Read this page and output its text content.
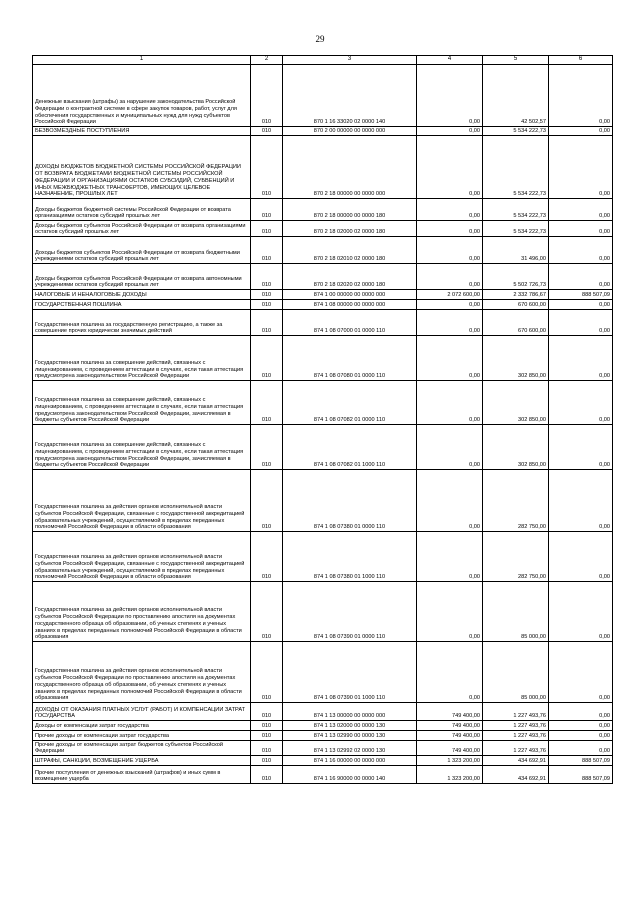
29
1	2	3	4	5	6
Денежные взыскания (штрафы) за нарушение законодательства Российской Федерации о контрактной системе в сфере закупок товаров, работ, услуг для обеспечения государственных и муниципальных нужд для нужд субъектов Российской Федерации	010	870 1 16 33020 02 0000 140	0,00	42 502,57	0,00
БЕЗВОЗМЕЗДНЫЕ ПОСТУПЛЕНИЯ	010	870 2 00 00000 00 0000 000	0,00	5 534 222,73	0,00
ДОХОДЫ БЮДЖЕТОВ БЮДЖЕТНОЙ СИСТЕМЫ РОССИЙСКОЙ ФЕДЕРАЦИИ ОТ ВОЗВРАТА БЮДЖЕТАМИ БЮДЖЕТНОЙ СИСТЕМЫ РОССИЙСКОЙ ФЕДЕРАЦИИ И ОРГАНИЗАЦИЯМИ ОСТАТКОВ СУБСИДИЙ, СУБВЕНЦИЙ И ИНЫХ МЕЖБЮДЖЕТНЫХ ТРАНСФЕРТОВ, ИМЕЮЩИХ ЦЕЛЕВОЕ НАЗНАЧЕНИЕ, ПРОШЛЫХ ЛЕТ	010	870 2 18 00000 00 0000 000	0,00	5 534 222,73	0,00
Доходы бюджетов бюджетной системы Российской Федерации от возврата организациями остатков субсидий прошлых лет	010	870 2 18 00000 00 0000 180	0,00	5 534 222,73	0,00
Доходы бюджетов субъектов Российской Федерации от возврата организациями остатков субсидий прошлых лет	010	870 2 18 02000 02 0000 180	0,00	5 534 222,73	0,00
Доходы бюджетов субъектов Российской Федерации от возврата бюджетными учреждениями остатков субсидий прошлых лет	010	870 2 18 02010 02 0000 180	0,00	31 496,00	0,00
Доходы бюджетов субъектов Российской Федерации от возврата автономными учреждениями остатков субсидий прошлых лет	010	870 2 18 02020 02 0000 180	0,00	5 502 726,73	0,00
НАЛОГОВЫЕ И НЕНАЛОГОВЫЕ ДОХОДЫ	010	874 1 00 00000 00 0000 000	2 072 600,00	2 332 786,67	888 507,09
ГОСУДАРСТВЕННАЯ ПОШЛИНА	010	874 1 08 00000 00 0000 000	0,00	670 600,00	0,00
Государственная пошлина за государственную регистрацию, а также за совершение прочих юридически значимых действий	010	874 1 08 07000 01 0000 110	0,00	670 600,00	0,00
Государственная пошлина за совершение действий, связанных с лицензированием, с проведением аттестации в случаях, если такая аттестация предусмотрена законодательством Российской Федерации	010	874 1 08 07080 01 0000 110	0,00	302 850,00	0,00
Государственная пошлина за совершение действий, связанных с лицензированием, с проведением аттестации в случаях, если такая аттестация предусмотрена законодательством Российской Федерации, зачисляемая в бюджеты субъектов Российской Федерации	010	874 1 08 07082 01 0000 110	0,00	302 850,00	0,00
Государственная пошлина за совершение действий, связанных с лицензированием, с проведением аттестации в случаях, если такая аттестация предусмотрена законодательством Российской Федерации, зачисляемая в бюджеты субъектов Российской Федерации	010	874 1 08 07082 01 1000 110	0,00	302 850,00	0,00
Государственная пошлина за действия органов исполнительной власти субъектов Российской Федерации, связанные с государственной аккредитацией образовательных учреждений, осуществляемой в пределах переданных полномочий Российской Федерации в области образования	010	874 1 08 07380 01 0000 110	0,00	282 750,00	0,00
Государственная пошлина за действия органов исполнительной власти субъектов Российской Федерации, связанные с государственной аккредитацией образовательных учреждений, осуществляемой в пределах переданных полномочий Российской Федерации в области образования	010	874 1 08 07380 01 1000 110	0,00	282 750,00	0,00
Государственная пошлина за действия органов исполнительной власти субъектов Российской Федерации по проставлению апостиля на документах государственного образца об образовании, об ученых степенях и ученых званиях в пределах переданных полномочий Российской Федерации в области образования	010	874 1 08 07390 01 0000 110	0,00	85 000,00	0,00
Государственная пошлина за действия органов исполнительной власти субъектов Российской Федерации по проставлению апостиля на документах государственного образца об образовании, об ученых степенях и ученых званиях в пределах переданных полномочий Российской Федерации в области образования	010	874 1 08 07390 01 1000 110	0,00	85 000,00	0,00
ДОХОДЫ ОТ ОКАЗАНИЯ ПЛАТНЫХ УСЛУГ (РАБОТ) И КОМПЕНСАЦИИ ЗАТРАТ ГОСУДАРСТВА	010	874 1 13 00000 00 0000 000	749 400,00	1 227 493,76	0,00
Доходы от компенсации затрат государства	010	874 1 13 02000 00 0000 130	749 400,00	1 227 493,76	0,00
Прочие доходы от компенсации затрат государства	010	874 1 13 02990 00 0000 130	749 400,00	1 227 493,76	0,00
Прочие доходы от компенсации затрат бюджетов субъектов Российской Федерации	010	874 1 13 02992 02 0000 130	749 400,00	1 227 493,76	0,00
ШТРАФЫ, САНКЦИИ, ВОЗМЕЩЕНИЕ УЩЕРБА	010	874 1 16 00000 00 0000 000	1 323 200,00	434 692,91	888 507,09
Прочие поступления от денежных взысканий (штрафов) и иных сумм в возмещение ущерба	010	874 1 16 90000 00 0000 140	1 323 200,00	434 692,91	888 507,09
